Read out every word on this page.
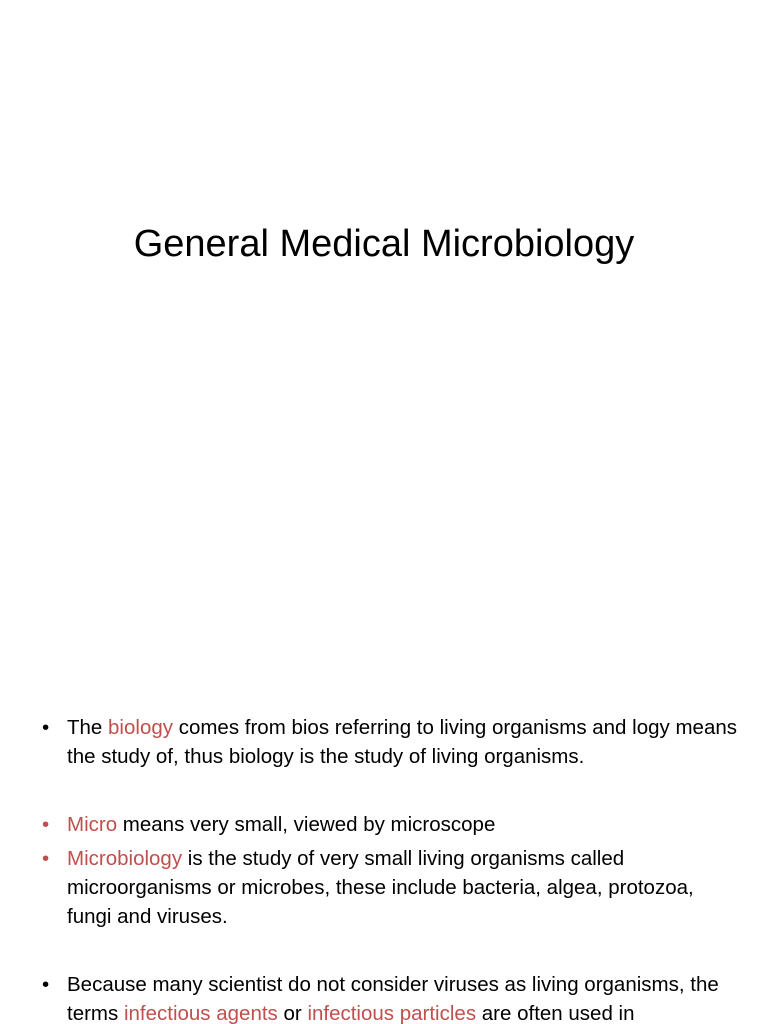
General Medical Microbiology
• The biology comes from bios referring to living organisms and logy means the study of, thus biology is the study of living organisms.
• Micro means very small, viewed by microscope
• Microbiology is the study of very small living organisms called microorganisms or microbes, these include bacteria, algea, protozoa, fungi and viruses.
• Because many scientist do not consider viruses as living organisms, the terms infectious agents or infectious particles are often used in
